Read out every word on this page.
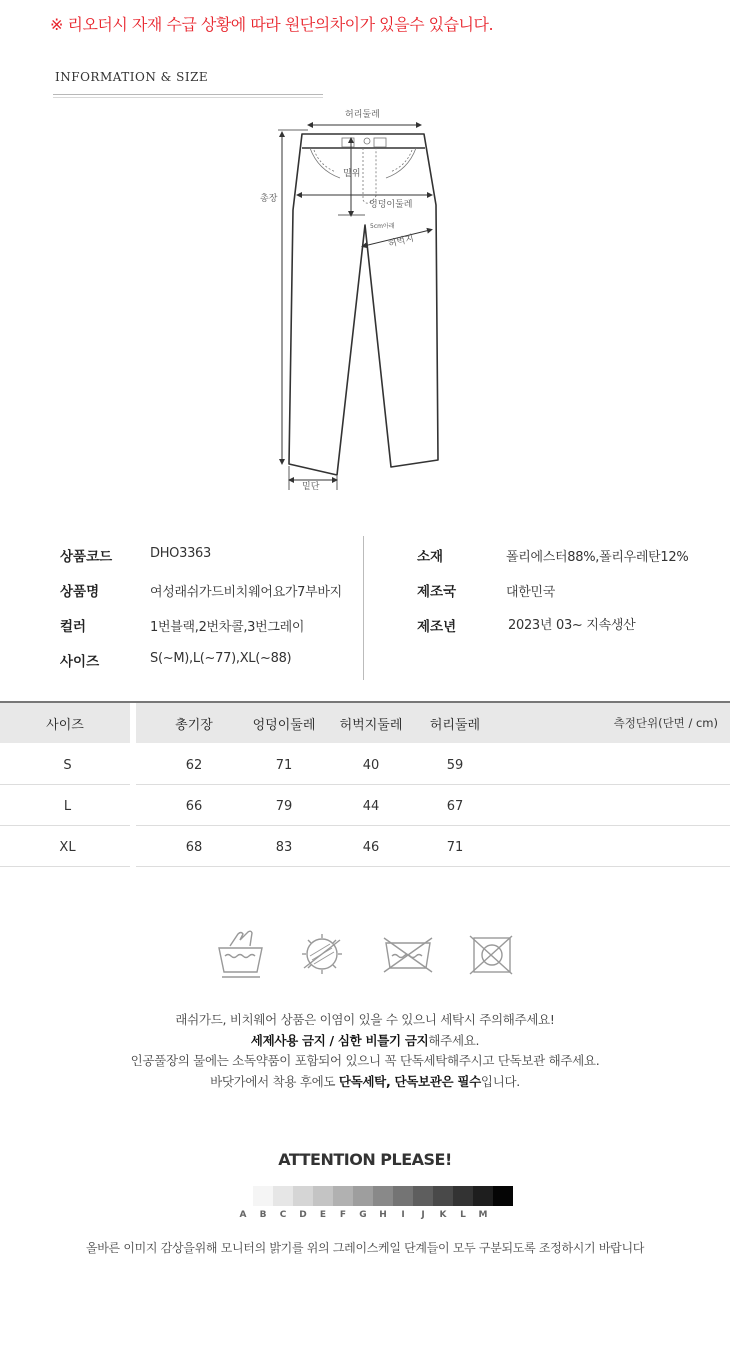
※ 리오더시 자재 수급 상황에 따라 원단의차이가 있을수 있습니다.
INFORMATION & SIZE
허리둘레
밑위
엉덩이둘레
5cm아래
허벅지
총장
밑단
상품코드	DHO3363
상품명	여성래쉬가드비치웨어요가7부바지
컬러	1번블랙,2번차콜,3번그레이
사이즈	S(~M),L(~77),XL(~88)
소재	폴리에스터88%,폴리우레탄12%
제조국	대한민국
제조년	2023년 03~ 지속생산
사이즈	총기장	엉덩이둘레	허벅지둘레	허리둘레	측정단위(단면 / cm)
S	62	71	40	59
L	66	79	44	67
XL	68	83	46	71
래쉬가드, 비치웨어 상품은 이염이 있을 수 있으니 세탁시 주의해주세요!
세제사용 금지 / 심한 비틀기 금지해주세요.
인공풀장의 물에는 소독약품이 포함되어 있으니 꼭 단독세탁해주시고 단독보관 해주세요.
바닷가에서 착용 후에도 단독세탁, 단독보관은 필수입니다.
ATTENTION PLEASE!
A	B	C	D	E	F	G	H	I	J	K	L	M
올바른 이미지 감상을위해 모니터의 밝기를 위의 그레이스케일 단계들이 모두 구분되도록 조정하시기 바랍니다
